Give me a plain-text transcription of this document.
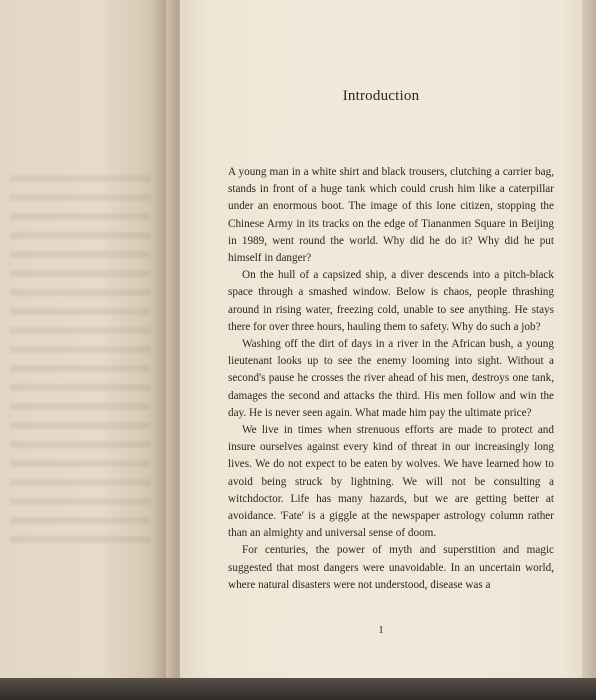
Introduction

A young man in a white shirt and black trousers, clutching a carrier bag, stands in front of a huge tank which could crush him like a caterpillar under an enormous boot. The image of this lone citizen, stopping the Chinese Army in its tracks on the edge of Tiananmen Square in Beijing in 1989, went round the world. Why did he do it? Why did he put himself in danger?

On the hull of a capsized ship, a diver descends into a pitch-black space through a smashed window. Below is chaos, people thrashing around in rising water, freezing cold, unable to see anything. He stays there for over three hours, hauling them to safety. Why do such a job?

Washing off the dirt of days in a river in the African bush, a young lieutenant looks up to see the enemy looming into sight. Without a second's pause he crosses the river ahead of his men, destroys one tank, damages the second and attacks the third. His men follow and win the day. He is never seen again. What made him pay the ultimate price?

We live in times when strenuous efforts are made to protect and insure ourselves against every kind of threat in our increasingly long lives. We do not expect to be eaten by wolves. We have learned how to avoid being struck by lightning. We will not be consulting a witchdoctor. Life has many hazards, but we are getting better at avoidance. 'Fate' is a giggle at the newspaper astrology column rather than an almighty and universal sense of doom.

For centuries, the power of myth and superstition and magic suggested that most dangers were unavoidable. In an uncertain world, where natural disasters were not understood, disease was a

1
